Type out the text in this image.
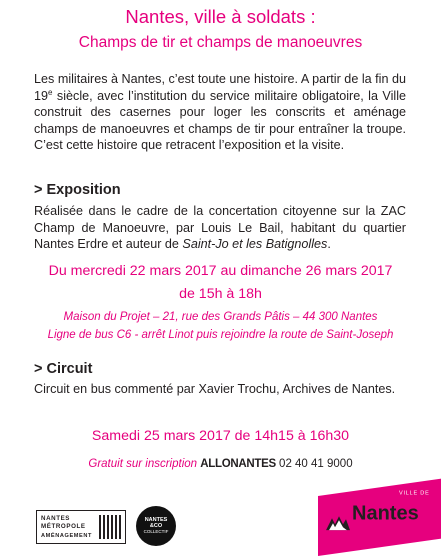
Nantes, ville à soldats :
Champs de tir et champs de manoeuvres
Les militaires à Nantes, c’est toute une histoire. A partir de la fin du 19e siècle, avec l’institution du service militaire obligatoire, la Ville construit des casernes pour loger les conscrits et aménage champs de manoeuvres et champs de tir pour entraîner la troupe. C’est cette histoire que retracent l’exposition et la visite.
> Exposition
Réalisée dans le cadre de la concertation citoyenne sur la ZAC Champ de Manoeuvre, par Louis Le Bail, habitant du quartier Nantes Erdre et auteur de Saint-Jo et les Batignolles.
Du mercredi 22 mars 2017 au dimanche 26 mars 2017
de 15h à 18h
Maison du Projet – 21, rue des Grands Pâtis – 44 300 Nantes
Ligne de bus C6 - arrêt Linot puis rejoindre la route de Saint-Joseph
> Circuit
Circuit en bus commenté par Xavier Trochu, Archives de Nantes.
Samedi 25 mars 2017 de 14h15 à 16h30
Gratuit sur inscription ALLONANTES 02 40 41 9000
NANTES
MÉTROPOLE
AMÉNAGEMENT
NANTES
&CO
COLLECTIF
VILLE DE
Nantes
